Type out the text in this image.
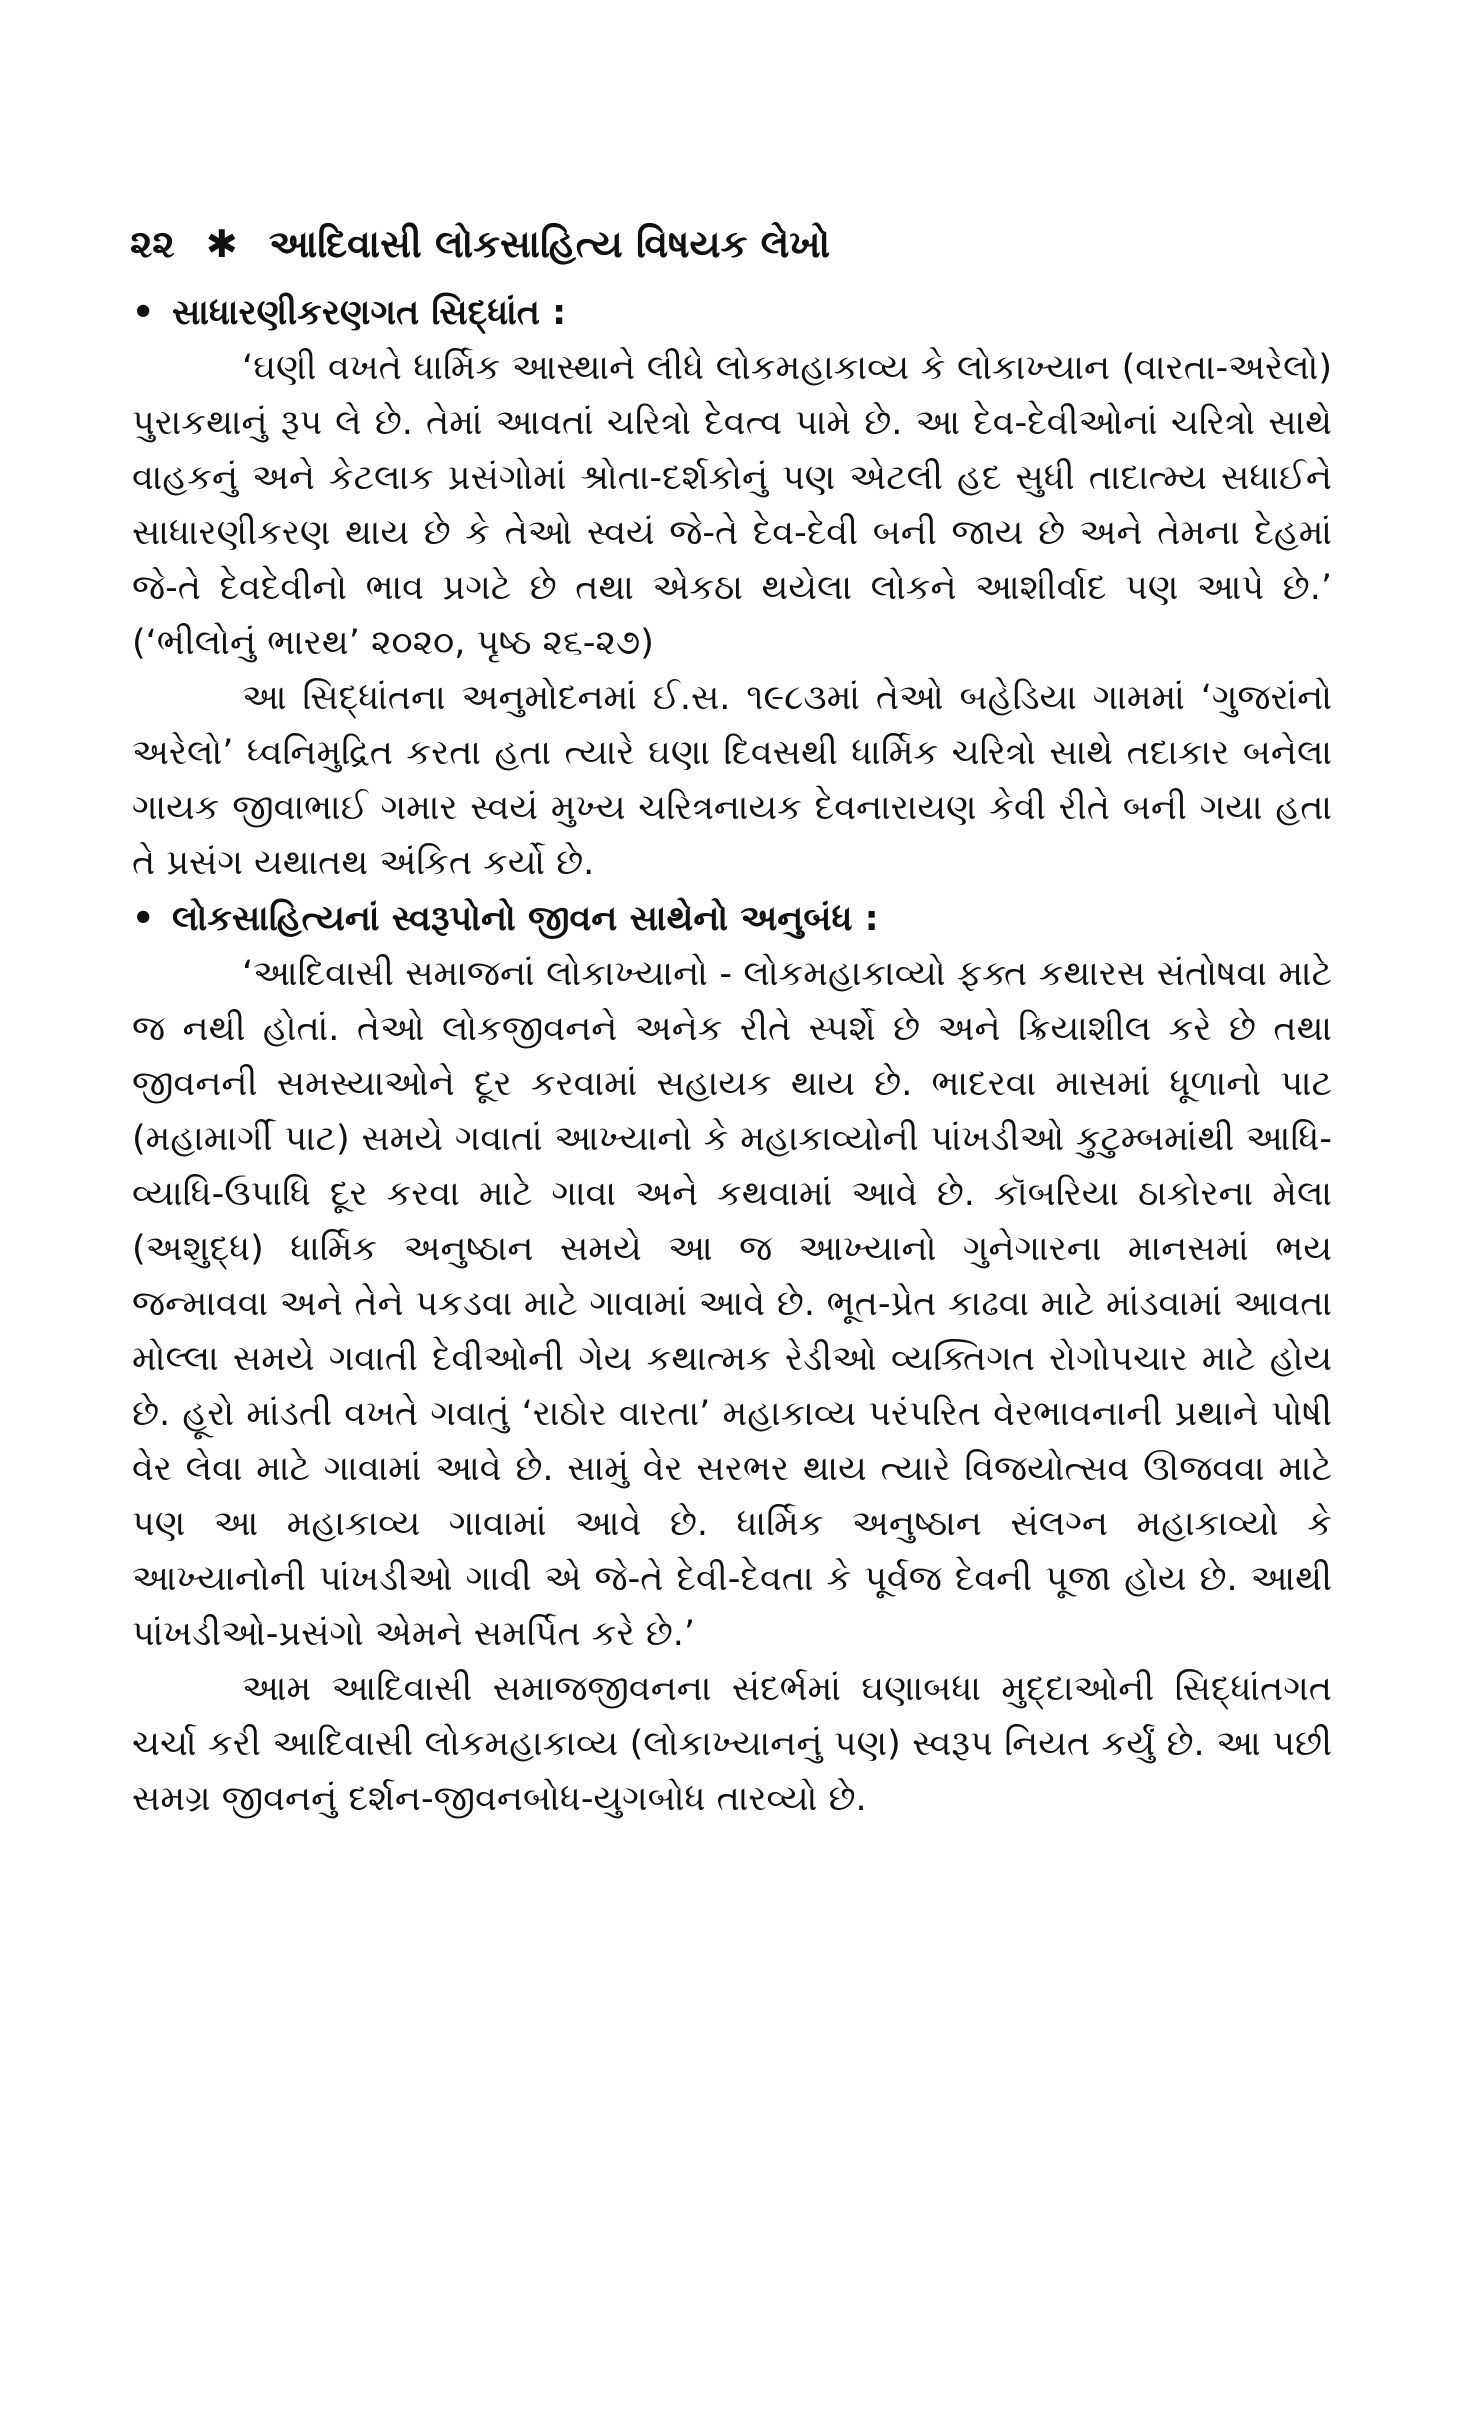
૨૨ ✱ આદિવાસી લોકસાહિત્ય વિષયક લેખો
• સાધારણીકરણગત સિદ્ધાંત :

‘ઘણી વખતે ધાર્મિક આસ્થાને લીધે લોકમહાકાવ્ય કે લોકાખ્યાન (વારતા-અરેલો) પુરાકથાનું રૂપ લે છે. તેમાં આવતાં ચરિત્રો દેવત્વ પામે છે. આ દેવ-દેવીઓનાં ચરિત્રો સાથે વાહકનું અને કેટલાક પ્રસંગોમાં શ્રોતા-દર્શકોનું પણ એટલી હદ સુધી તાદાત્મ્ય સધાઈને સાધારણીકરણ થાય છે કે તેઓ સ્વયં જે-તે દેવ-દેવી બની જાય છે અને તેમના દેહમાં જે-તે દેવદેવીનો ભાવ પ્રગટે છે તથા એકઠા થયેલા લોકને આશીર્વાદ પણ આપે છે.’ (‘ભીલોનું ભારથ’ ૨૦૨૦, પૃષ્ઠ ૨૬-૨૭)

આ સિદ્ધાંતના અનુમોદનમાં ઈ.સ. ૧૯૮૩માં તેઓ બહેડિયા ગામમાં ‘ગુજરાંનો અરેલો’ ધ્વનિમુદ્રિત કરતા હતા ત્યારે ઘણા દિવસથી ધાર્મિક ચરિત્રો સાથે તદાકાર બનેલા ગાયક જીવાભાઈ ગમાર સ્વયં મુખ્ય ચરિત્રનાયક દેવનારાયણ કેવી રીતે બની ગયા હતા તે પ્રસંગ યથાતથ અંકિત કર્યો છે.

• લોકસાહિત્યનાં સ્વરૂપોનો જીવન સાથેનો અનુબંધ :

‘આદિવાસી સમાજનાં લોકાખ્યાનો - લોકમહાકાવ્યો ફક્ત કથારસ સંતોષવા માટે જ નથી હોતાં. તેઓ લોકજીવનને અનેક રીતે સ્પર્શે છે અને ક્રિયાશીલ કરે છે તથા જીવનની સમસ્યાઓને દૂર કરવામાં સહાયક થાય છે. ભાદરવા માસમાં ધૂળાનો પાટ (મહામાર્ગી પાટ) સમયે ગવાતાં આખ્યાનો કે મહાકાવ્યોની પાંખડીઓ કુટુમ્બમાંથી આધિ-વ્યાધિ-ઉપાધિ દૂર કરવા માટે ગાવા અને કથવામાં આવે છે. કૉબરિયા ઠાકોરના મેલા (અશુદ્ધ) ધાર્મિક અનુષ્ઠાન સમયે આ જ આખ્યાનો ગુનેગારના માનસમાં ભય જન્માવવા અને તેને પકડવા માટે ગાવામાં આવે છે. ભૂત-પ્રેત કાઢવા માટે માંડવામાં આવતા મોલ્લા સમયે ગવાતી દેવીઓની ગેય કથાત્મક રેડીઓ વ્યક્તિગત રોગોપચાર માટે હોય છે. હૂરો માંડતી વખતે ગવાતું ‘રાઠોર વારતા’ મહાકાવ્ય પરંપરિત વેરભાવનાની પ્રથાને પોષી વેર લેવા માટે ગાવામાં આવે છે. સામું વેર સરભર થાય ત્યારે વિજયોત્સવ ઊજવવા માટે પણ આ મહાકાવ્ય ગાવામાં આવે છે. ધાર્મિક અનુષ્ઠાન સંલગ્ન મહાકાવ્યો કે આખ્યાનોની પાંખડીઓ ગાવી એ જે-તે દેવી-દેવતા કે પૂર્વજ દેવની પૂજા હોય છે. આથી પાંખડીઓ-પ્રસંગો એમને સમર્પિત કરે છે.’

આમ આદિવાસી સમાજજીવનના સંદર્ભમાં ઘણાબધા મુદ્દાઓની સિદ્ધાંતગત ચર્ચા કરી આદિવાસી લોકમહાકાવ્ય (લોકાખ્યાનનું પણ) સ્વરૂપ નિયત કર્યું છે. આ પછી સમગ્ર જીવનનું દર્શન-જીવનબોધ-યુગબોધ તારવ્યો છે.
